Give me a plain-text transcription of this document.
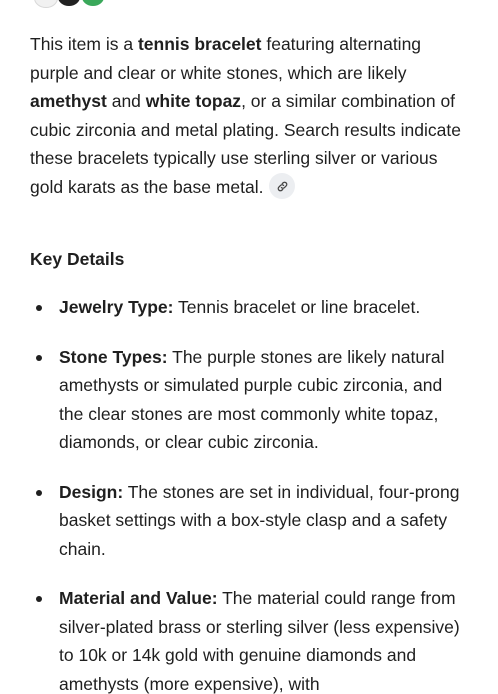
This item is a tennis bracelet featuring alternating purple and clear or white stones, which are likely amethyst and white topaz, or a similar combination of cubic zirconia and metal plating. Search results indicate these bracelets typically use sterling silver or various gold karats as the base metal.

Key Details
Jewelry Type: Tennis bracelet or line bracelet.
Stone Types: The purple stones are likely natural amethysts or simulated purple cubic zirconia, and the clear stones are most commonly white topaz, diamonds, or clear cubic zirconia.
Design: The stones are set in individual, four-prong basket settings with a box-style clasp and a safety chain.
Material and Value: The material could range from silver-plated brass or sterling silver (less expensive) to 10k or 14k gold with genuine diamonds and amethysts (more expensive), with
